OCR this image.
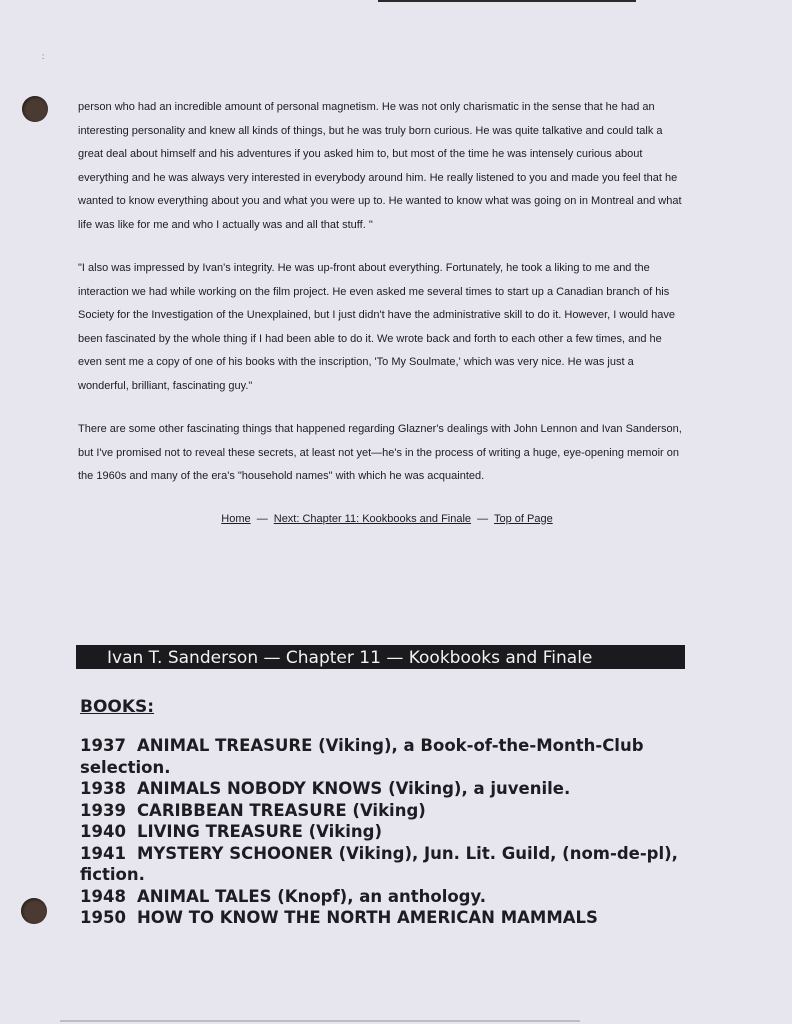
:

person who had an incredible amount of personal magnetism. He was not only charismatic in the sense that he had an interesting personality and knew all kinds of things, but he was truly born curious. He was quite talkative and could talk a great deal about himself and his adventures if you asked him to, but most of the time he was intensely curious about everything and he was always very interested in everybody around him. He really listened to you and made you feel that he wanted to know everything about you and what you were up to. He wanted to know what was going on in Montreal and what life was like for me and who I actually was and all that stuff. "

"I also was impressed by Ivan's integrity. He was up-front about everything. Fortunately, he took a liking to me and the interaction we had while working on the film project. He even asked me several times to start up a Canadian branch of his Society for the Investigation of the Unexplained, but I just didn't have the administrative skill to do it. However, I would have been fascinated by the whole thing if I had been able to do it. We wrote back and forth to each other a few times, and he even sent me a copy of one of his books with the inscription, 'To My Soulmate,' which was very nice. He was just a wonderful, brilliant, fascinating guy."

There are some other fascinating things that happened regarding Glazner's dealings with John Lennon and Ivan Sanderson, but I've promised not to reveal these secrets, at least not yet—he's in the process of writing a huge, eye-opening memoir on the 1960s and many of the era's "household names" with which he was acquainted.

Home — Next: Chapter 11: Kookbooks and Finale — Top of Page
Ivan T. Sanderson — Chapter 11 — Kookbooks and Finale
BOOKS:
1937 ANIMAL TREASURE (Viking), a Book-of-the-Month-Club selection.
1938 ANIMALS NOBODY KNOWS (Viking), a juvenile.
1939 CARIBBEAN TREASURE (Viking)
1940 LIVING TREASURE (Viking)
1941 MYSTERY SCHOONER (Viking), Jun. Lit. Guild, (nom-de-pl), fiction.
1948 ANIMAL TALES (Knopf), an anthology.
1950 HOW TO KNOW THE NORTH AMERICAN MAMMALS
